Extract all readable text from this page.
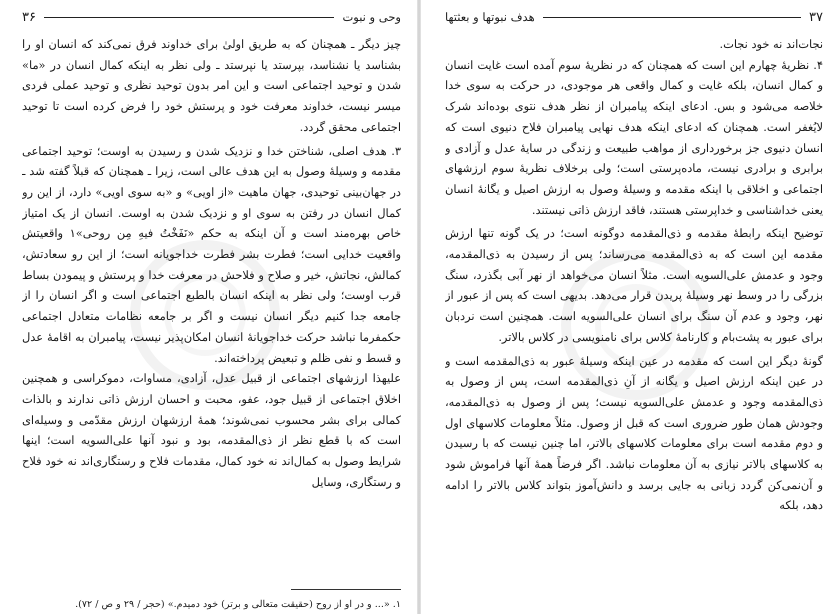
۳۶	وحی و نبوت

چیز دیگر ـ همچنان که به طریق اولیٰ برای خداوند فرق نمی‌کند که انسان او را بشناسد یا نشناسد، بپرستد یا نپرستد ـ ولی نظر به اینکه کمال انسان در «ما» شدن و توحید اجتماعی است و این امر بدون توحید نظری و توحید عملی فردی میسر نیست، خداوند معرفت خود و پرستش خود را فرض کرده است تا توحید اجتماعی محقق گردد.

۳. هدف اصلی، شناختن خدا و نزدیک شدن و رسیدن به اوست؛ توحید اجتماعی مقدمه و وسیلهٔ وصول به این هدف عالی است، زیرا ـ همچنان که قبلاً گفته شد ـ در جهان‌بینی توحیدی، جهان ماهیت «از اویی» و «به سوی اویی» دارد، از این رو کمال انسان در رفتن به سوی او و نزدیک شدن به اوست. انسان از یک امتیاز خاص بهره‌مند است و آن اینکه به حکم «نَفَخْتُ فیهِ مِن روحی»۱ واقعیتش واقعیت خدایی است؛ فطرت بشر فطرت خداجویانه است؛ از این رو سعادتش، کمالش، نجاتش، خیر و صلاح و فلاحش در معرفت خدا و پرستش و پیمودن بساط قرب اوست؛ ولی نظر به اینکه انسان بالطبع اجتماعی است و اگر انسان را از جامعه جدا کنیم دیگر انسان نیست و اگر بر جامعه نظامات متعادل اجتماعی حکمفرما نباشد حرکت خداجویانهٔ انسان امکان‌پذیر نیست، پیامبران به اقامهٔ عدل و قسط و نفی ظلم و تبعیض پرداخته‌اند.

علیهذا ارزشهای اجتماعی از قبیل عدل، آزادی، مساوات، دموکراسی و همچنین اخلاق اجتماعی از قبیل جود، عفو، محبت و احسان ارزش ذاتی ندارند و بالذات کمالی برای بشر محسوب نمی‌شوند؛ همهٔ ارزشهان ارزش مقدّمی و وسیله‌ای است که با قطع نظر از ذی‌المقدمه، بود و نبود آنها علی‌السویه است؛ اینها شرایط وصول به کمال‌اند نه خود کمال، مقدمات فلاح و رستگاری‌اند نه خود فلاح و رستگاری، وسایل

۱. «... و در او از روح (حقیقت متعالی و برتر) خود دمیدم.» (حجر / ۲۹ و ص / ۷۲).
هدف نبوتها و بعثتها	۳۷

نجات‌اند نه خود نجات.

۴. نظریهٔ چهارم این است که همچنان که در نظریهٔ سوم آمده است غایت انسان و کمال انسان، بلکه غایت و کمال واقعی هر موجودی، در حرکت به سوی خدا خلاصه می‌شود و بس. ادعای اینکه پیامبران از نظر هدف نتوی بوده‌اند شرک لایُغفر است. همچنان که ادعای اینکه هدف نهایی پیامبران فلاح دنیوی است که انسان دنیوی جز برخورداری از مواهب طبیعت و زندگی در سایهٔ عدل و آزادی و برابری و برادری نیست، ماده‌پرستی است؛ ولی برخلاف نظریهٔ سوم ارزشهای اجتماعی و اخلاقی با اینکه مقدمه و وسیلهٔ وصول به ارزش اصیل و یگانهٔ انسان یعنی خداشناسی و خداپرستی هستند، فاقد ارزش ذاتی نیستند.

توضیح اینکه رابطهٔ مقدمه و ذی‌المقدمه دوگونه است؛ در یک گونه تنها ارزش مقدمه این است که به ذی‌المقدمه می‌رساند؛ پس از رسیدن به ذی‌المقدمه، وجود و عدمش علی‌السویه است. مثلاً انسان می‌خواهد از نهر آبی بگذرد، سنگ بزرگی را در وسط نهر وسیلهٔ پریدن قرار می‌دهد. بدیهی است که پس از عبور از نهر، وجود و عدم آن سنگ برای انسان علی‌السویه است. همچنین است نردبان برای عبور به پشت‌بام و کارنامهٔ کلاس برای نامنویسی در کلاس بالاتر.

گونهٔ دیگر این است که مقدمه در عین اینکه وسیلهٔ عبور به ذی‌المقدمه است و در عین اینکه ارزش اصیل و یگانه از آنِ ذی‌المقدمه است، پس از وصول به ذی‌المقدمه وجود و عدمش علی‌السویه نیست؛ پس از وصول به ذی‌المقدمه، وجودش همان طور ضروری است که قبل از وصول. مثلاً معلومات کلاسهای اول و دوم مقدمه است برای معلومات کلاسهای بالاتر، اما چنین نیست که با رسیدن به کلاسهای بالاتر نیازی به آن معلومات نباشد. اگر فرضاً همهٔ آنها فراموش شود و آن‌نمی‌کن گردد زبانی به جایی برسد و دانش‌آموز بتواند کلاس بالاتر را ادامه دهد، بلکه
